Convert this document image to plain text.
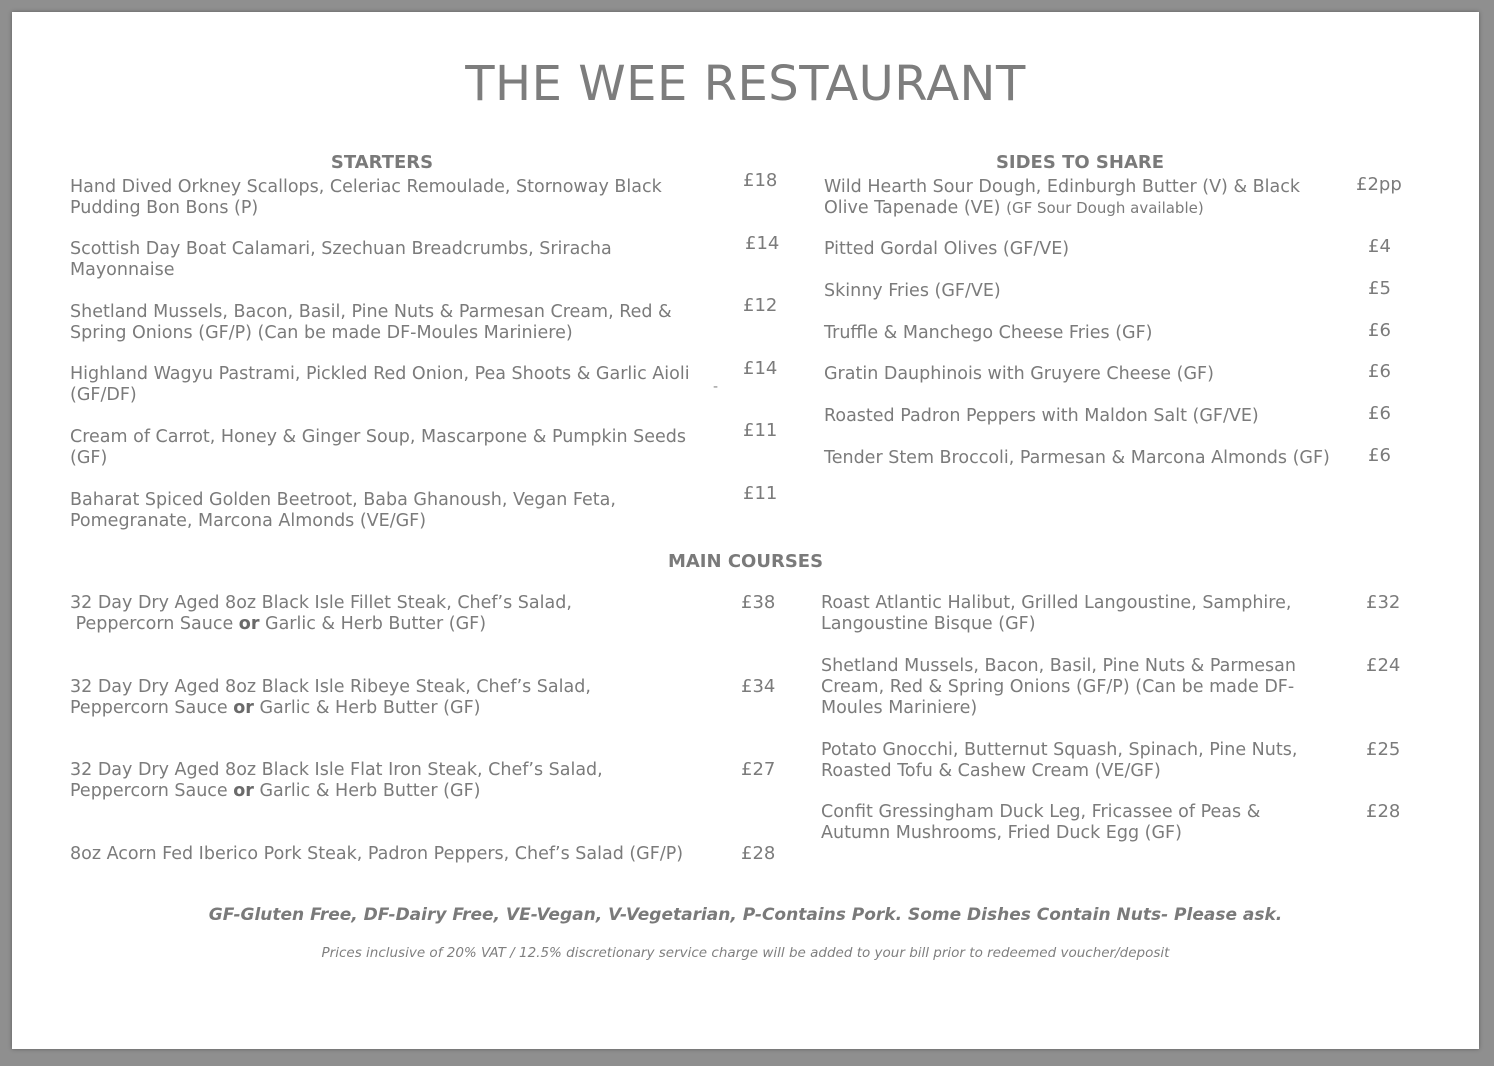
THE WEE RESTAURANT
STARTERS
Hand Dived Orkney Scallops, Celeriac Remoulade, Stornoway Black Pudding Bon Bons (P)
£18
Scottish Day Boat Calamari, Szechuan Breadcrumbs, Sriracha Mayonnaise
£14
Shetland Mussels, Bacon, Basil, Pine Nuts & Parmesan Cream, Red & Spring Onions (GF/P) (Can be made DF-Moules Mariniere)
£12
Highland Wagyu Pastrami, Pickled Red Onion, Pea Shoots & Garlic Aioli (GF/DF)	-
£14
Cream of Carrot, Honey & Ginger Soup, Mascarpone & Pumpkin Seeds (GF)
£11
Baharat Spiced Golden Beetroot, Baba Ghanoush, Vegan Feta, Pomegranate, Marcona Almonds (VE/GF)
£11
SIDES TO SHARE
Wild Hearth Sour Dough, Edinburgh Butter (V) & Black Olive Tapenade (VE) (GF Sour Dough available)
£2pp
Pitted Gordal Olives (GF/VE)	£4
Skinny Fries (GF/VE)	£5
Truffle & Manchego Cheese Fries (GF)	£6
Gratin Dauphinois with Gruyere Cheese (GF)	£6
Roasted Padron Peppers with Maldon Salt (GF/VE)	£6
Tender Stem Broccoli, Parmesan & Marcona Almonds (GF)	£6
MAIN COURSES
32 Day Dry Aged 8oz Black Isle Fillet Steak, Chef’s Salad,
Peppercorn Sauce or Garlic & Herb Butter (GF)
£38
32 Day Dry Aged 8oz Black Isle Ribeye Steak, Chef’s Salad,
Peppercorn Sauce or Garlic & Herb Butter (GF)
£34
32 Day Dry Aged 8oz Black Isle Flat Iron Steak, Chef’s Salad,
Peppercorn Sauce or Garlic & Herb Butter (GF)
£27
8oz Acorn Fed Iberico Pork Steak, Padron Peppers, Chef’s Salad (GF/P)	£28
Roast Atlantic Halibut, Grilled Langoustine, Samphire, Langoustine Bisque (GF)
£32
Shetland Mussels, Bacon, Basil, Pine Nuts & Parmesan Cream, Red & Spring Onions (GF/P) (Can be made DF-Moules Mariniere)
£24
Potato Gnocchi, Butternut Squash, Spinach, Pine Nuts, Roasted Tofu & Cashew Cream (VE/GF)
£25
Confit Gressingham Duck Leg, Fricassee of Peas & Autumn Mushrooms, Fried Duck Egg (GF)
£28
GF-Gluten Free, DF-Dairy Free, VE-Vegan, V-Vegetarian, P-Contains Pork. Some Dishes Contain Nuts- Please ask.
Prices inclusive of 20% VAT / 12.5% discretionary service charge will be added to your bill prior to redeemed voucher/deposit
